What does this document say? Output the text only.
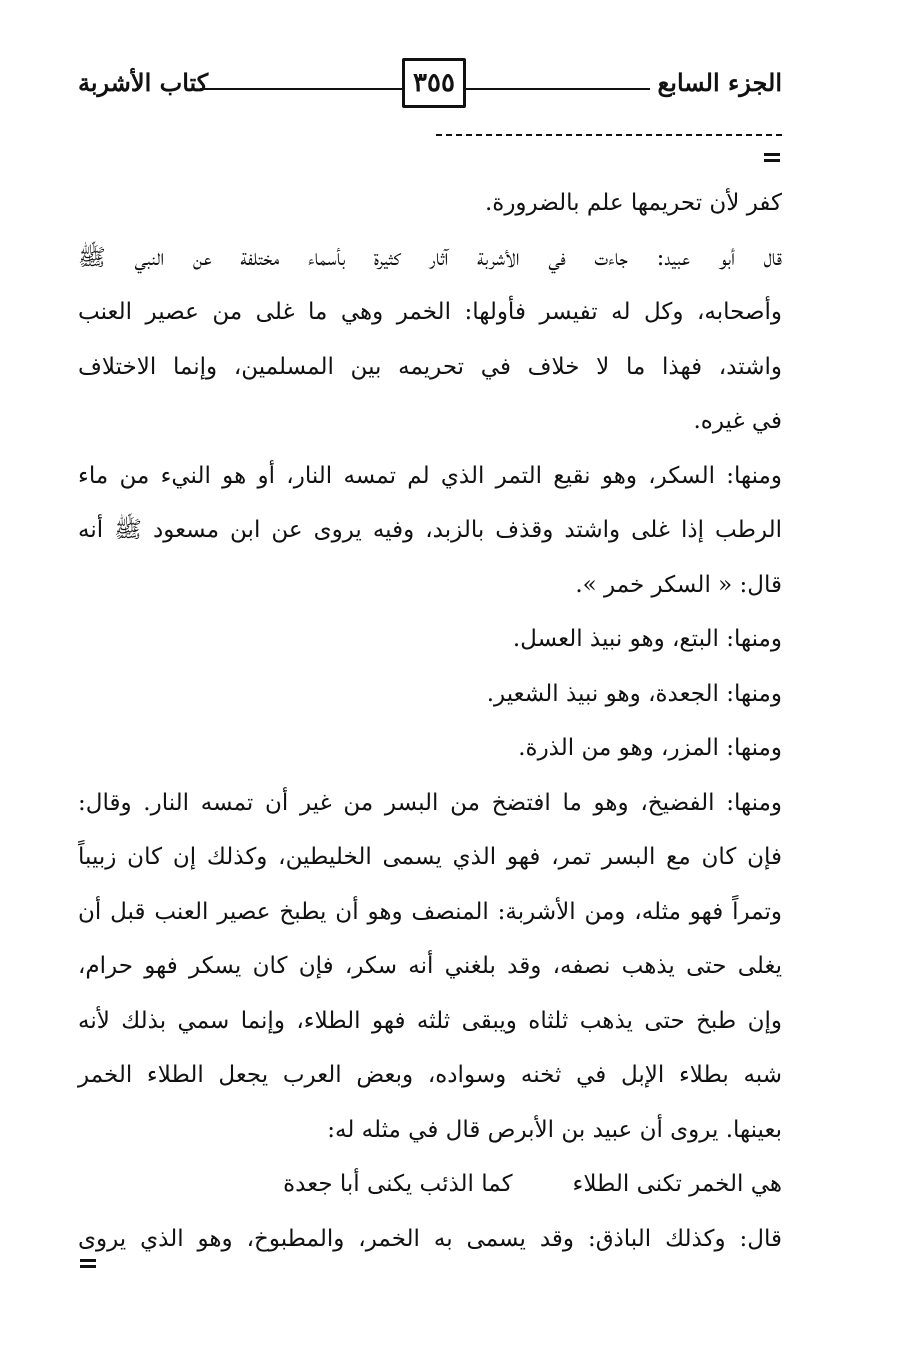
الجزء السابع
٣٥٥
كتاب الأشربة

كفر لأن تحريمها علم بالضرورة.

قال أبو عبيد: جاءت في الأشربة آثار كثيرة بأسماء مختلفة عن النبي ﷺ

وأصحابه، وكل له تفيسر فأولها: الخمر وهي ما غلى من عصير العنب

واشتد، فهذا ما لا خلاف في تحريمه بين المسلمين، وإنما الاختلاف

في غيره.

ومنها: السكر، وهو نقيع التمر الذي لم تمسه النار، أو هو النيء من ماء

الرطب إذا غلى واشتد وقذف بالزبد، وفيه يروى عن ابن مسعود ﷺ أنه

قال: « السكر خمر ».

ومنها: البتع، وهو نبيذ العسل.

ومنها: الجعدة، وهو نبيذ الشعير.

ومنها: المزر، وهو من الذرة.

ومنها: الفضيخ، وهو ما افتضخ من البسر من غير أن تمسه النار. وقال:

فإن كان مع البسر تمر، فهو الذي يسمى الخليطين، وكذلك إن كان زبيباً

وتمراً فهو مثله، ومن الأشربة: المنصف وهو أن يطبخ عصير العنب قبل أن

يغلى حتى يذهب نصفه، وقد بلغني أنه سكر، فإن كان يسكر فهو حرام،

وإن طبخ حتى يذهب ثلثاه ويبقى ثلثه فهو الطلاء، وإنما سمي بذلك لأنه

شبه بطلاء الإبل في ثخنه وسواده، وبعض العرب يجعل الطلاء الخمر

بعينها. يروى أن عبيد بن الأبرص قال في مثله له:

هي الخمر تكنى الطلاء
كما الذئب يكنى أبا جعدة

قال: وكذلك الباذق: وقد يسمى به الخمر، والمطبوخ، وهو الذي يروى
